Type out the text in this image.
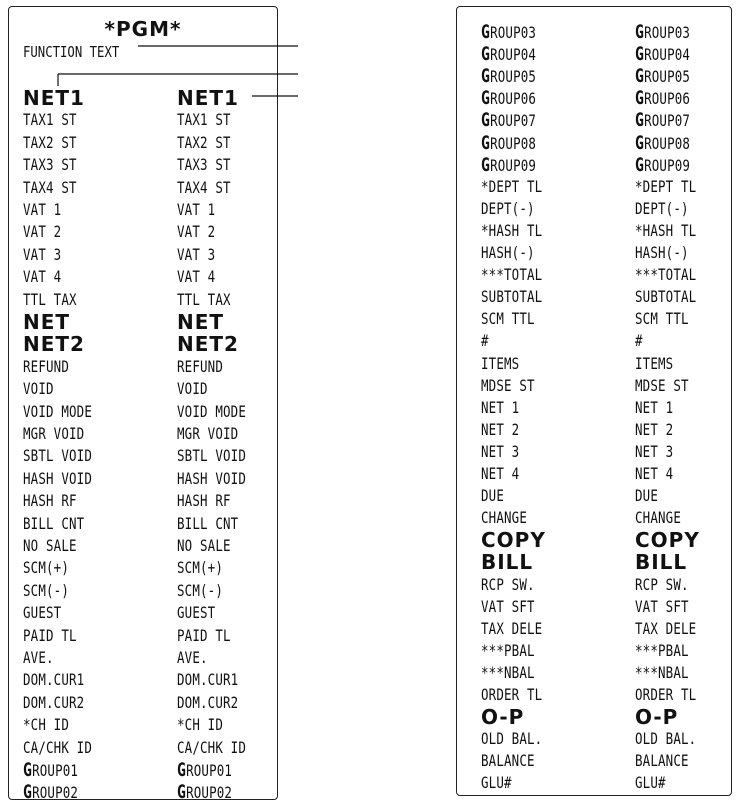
*PGM*
FUNCTION TEXT
NET1	NET1
TAX1 ST	TAX1 ST
TAX2 ST	TAX2 ST
TAX3 ST	TAX3 ST
TAX4 ST	TAX4 ST
VAT 1	VAT 1
VAT 2	VAT 2
VAT 3	VAT 3
VAT 4	VAT 4
TTL TAX	TTL TAX
NET	NET
NET2	NET2
REFUND	REFUND
VOID	VOID
VOID MODE	VOID MODE
MGR VOID	MGR VOID
SBTL VOID	SBTL VOID
HASH VOID	HASH VOID
HASH RF	HASH RF
BILL CNT	BILL CNT
NO SALE	NO SALE
SCM(+)	SCM(+)
SCM(-)	SCM(-)
GUEST	GUEST
PAID TL	PAID TL
AVE.	AVE.
DOM.CUR1	DOM.CUR1
DOM.CUR2	DOM.CUR2
*CH ID	*CH ID
CA/CHK ID	CA/CHK ID
GROUP01	GROUP01
GROUP02	GROUP02
GROUP03	GROUP03
GROUP04	GROUP04
GROUP05	GROUP05
GROUP06	GROUP06
GROUP07	GROUP07
GROUP08	GROUP08
GROUP09	GROUP09
*DEPT TL	*DEPT TL
DEPT(-)	DEPT(-)
*HASH TL	*HASH TL
HASH(-)	HASH(-)
***TOTAL	***TOTAL
SUBTOTAL	SUBTOTAL
SCM TTL	SCM TTL
#	#
ITEMS	ITEMS
MDSE ST	MDSE ST
NET 1	NET 1
NET 2	NET 2
NET 3	NET 3
NET 4	NET 4
DUE	DUE
CHANGE	CHANGE
COPY	COPY
BILL	BILL
RCP SW.	RCP SW.
VAT SFT	VAT SFT
TAX DELE	TAX DELE
***PBAL	***PBAL
***NBAL	***NBAL
ORDER TL	ORDER TL
O-P	O-P
OLD BAL.	OLD BAL.
BALANCE	BALANCE
GLU#	GLU#
